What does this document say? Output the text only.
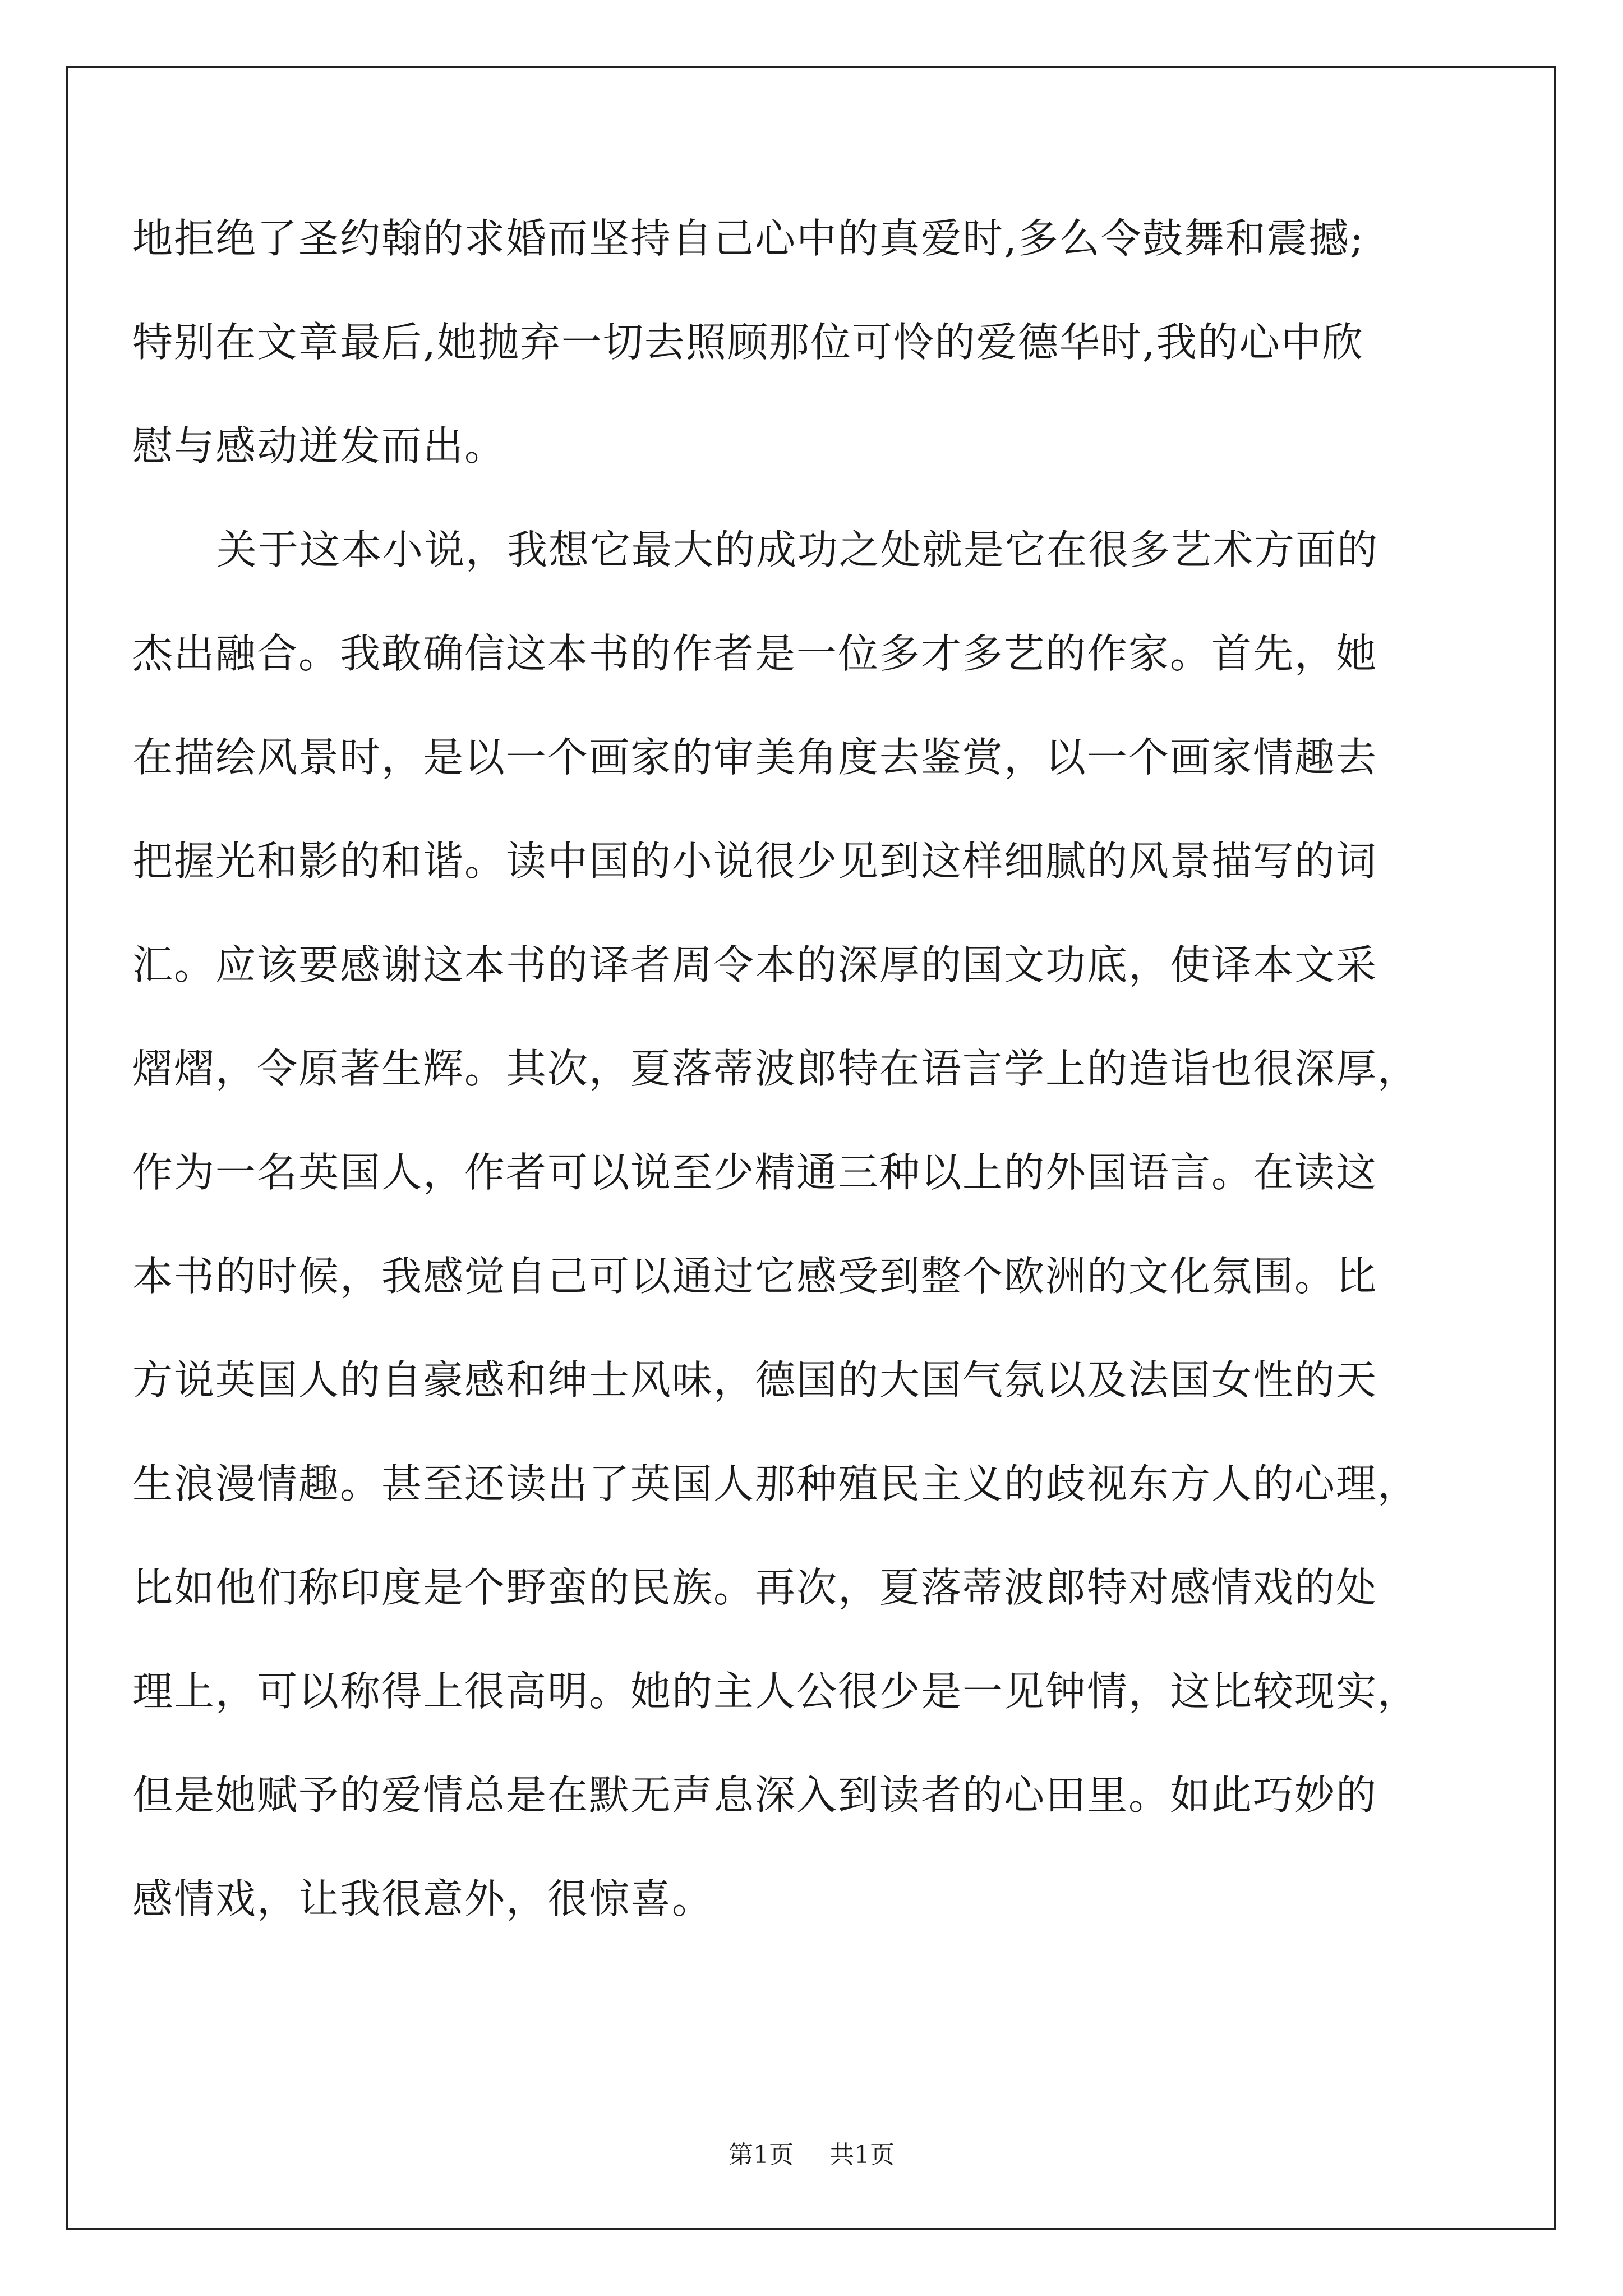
地拒绝了圣约翰的求婚而坚持自己心中的真爱时,多么令鼓舞和震撼;
特别在文章最后,她抛弃一切去照顾那位可怜的爱德华时,我的心中欣
慰与感动迸发而出。
关于这本小说，我想它最大的成功之处就是它在很多艺术方面的
杰出融合。我敢确信这本书的作者是一位多才多艺的作家。首先，她
在描绘风景时，是以一个画家的审美角度去鉴赏，以一个画家情趣去
把握光和影的和谐。读中国的小说很少见到这样细腻的风景描写的词
汇。应该要感谢这本书的译者周令本的深厚的国文功底，使译本文采
熠熠，令原著生辉。其次，夏落蒂波郎特在语言学上的造诣也很深厚，
作为一名英国人，作者可以说至少精通三种以上的外国语言。在读这
本书的时候，我感觉自己可以通过它感受到整个欧洲的文化氛围。比
方说英国人的自豪感和绅士风味，德国的大国气氛以及法国女性的天
生浪漫情趣。甚至还读出了英国人那种殖民主义的歧视东方人的心理，
比如他们称印度是个野蛮的民族。再次，夏落蒂波郎特对感情戏的处
理上，可以称得上很高明。她的主人公很少是一见钟情，这比较现实，
但是她赋予的爱情总是在默无声息深入到读者的心田里。如此巧妙的
感情戏，让我很意外，很惊喜。
第1页 共1页
